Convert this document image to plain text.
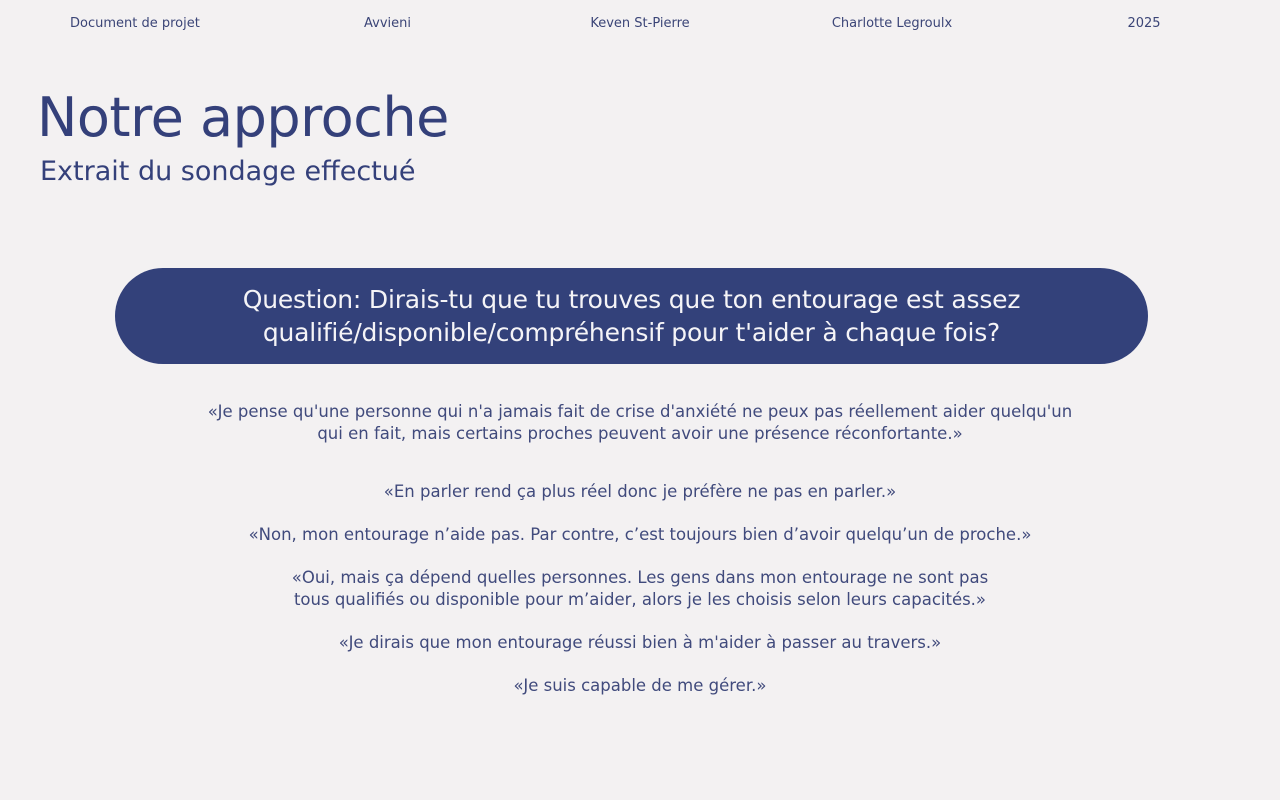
Document de projet	Avvieni	Keven St-Pierre	Charlotte Legroulx	2025
Notre approche
Extrait du sondage effectué
Question: Dirais-tu que tu trouves que ton entourage est assez
qualifié/disponible/compréhensif pour t'aider à chaque fois?

«Je pense qu'une personne qui n'a jamais fait de crise d'anxiété ne peux pas réellement aider quelqu'un
qui en fait, mais certains proches peuvent avoir une présence réconfortante.»

«En parler rend ça plus réel donc je préfère ne pas en parler.»

«Non, mon entourage n’aide pas. Par contre, c’est toujours bien d’avoir quelqu’un de proche.»

«Oui, mais ça dépend quelles personnes. Les gens dans mon entourage ne sont pas
tous qualifiés ou disponible pour m’aider, alors je les choisis selon leurs capacités.»

«Je dirais que mon entourage réussi bien à m'aider à passer au travers.»

«Je suis capable de me gérer.»
